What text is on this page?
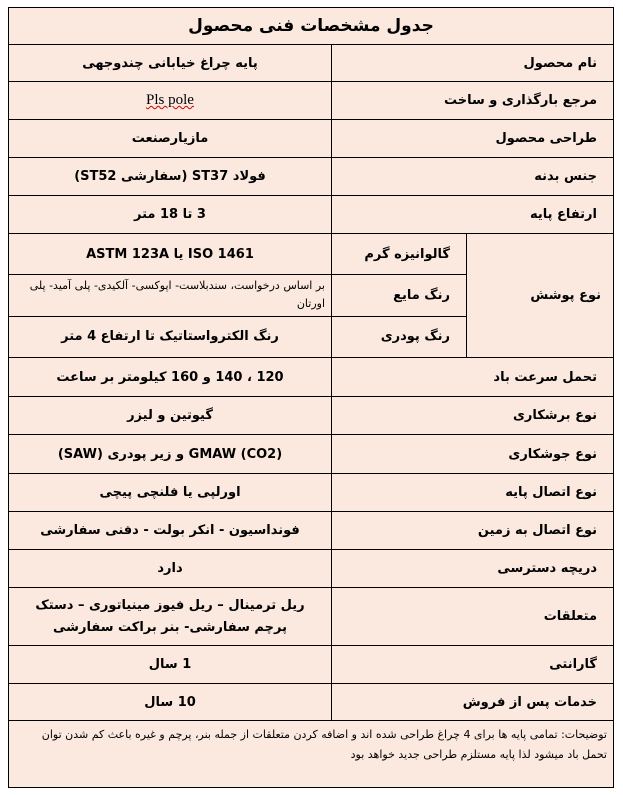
جدول مشخصات فنی محصول
نام محصول
پایه چراغ خیابانی چندوجهی
مرجع بارگذاری و ساخت
Pls pole
طراحی محصول
مازیارصنعت
جنس بدنه
فولاد ST37 (سفارشی ST52)
ارتفاع پایه
3 تا 18 متر
نوع پوشش
گالوانیزه گرم
ISO 1461 یا ASTM 123A
رنگ مایع
بر اساس درخواست، سندبلاست- اپوکسی- آلکیدی- پلی آمید- پلی اورتان
رنگ پودری
رنگ الکترواستاتیک تا ارتفاع 4 متر
تحمل سرعت باد
120 ، 140 و 160 کیلومتر بر ساعت
نوع برشکاری
گیوتین و لیزر
نوع جوشکاری
GMAW (CO2) و زیر پودری (SAW)
نوع اتصال پایه
اورلپی یا فلنچی پیچی
نوع اتصال به زمین
فونداسیون - انکر بولت - دفنی سفارشی
دریچه دسترسی
دارد
متعلقات
ریل ترمینال – ریل فیوز مینیاتوری – دستک پرچم سفارشی- بنر براکت سفارشی
گارانتی
1 سال
خدمات پس از فروش
10 سال
توضیحات: تمامی پایه ها برای 4 چراغ طراحی شده اند و اضافه کردن متعلقات از جمله بنر، پرچم و غیره باعث کم شدن توان تحمل باد میشود لذا پایه مستلزم طراحی جدید خواهد بود
